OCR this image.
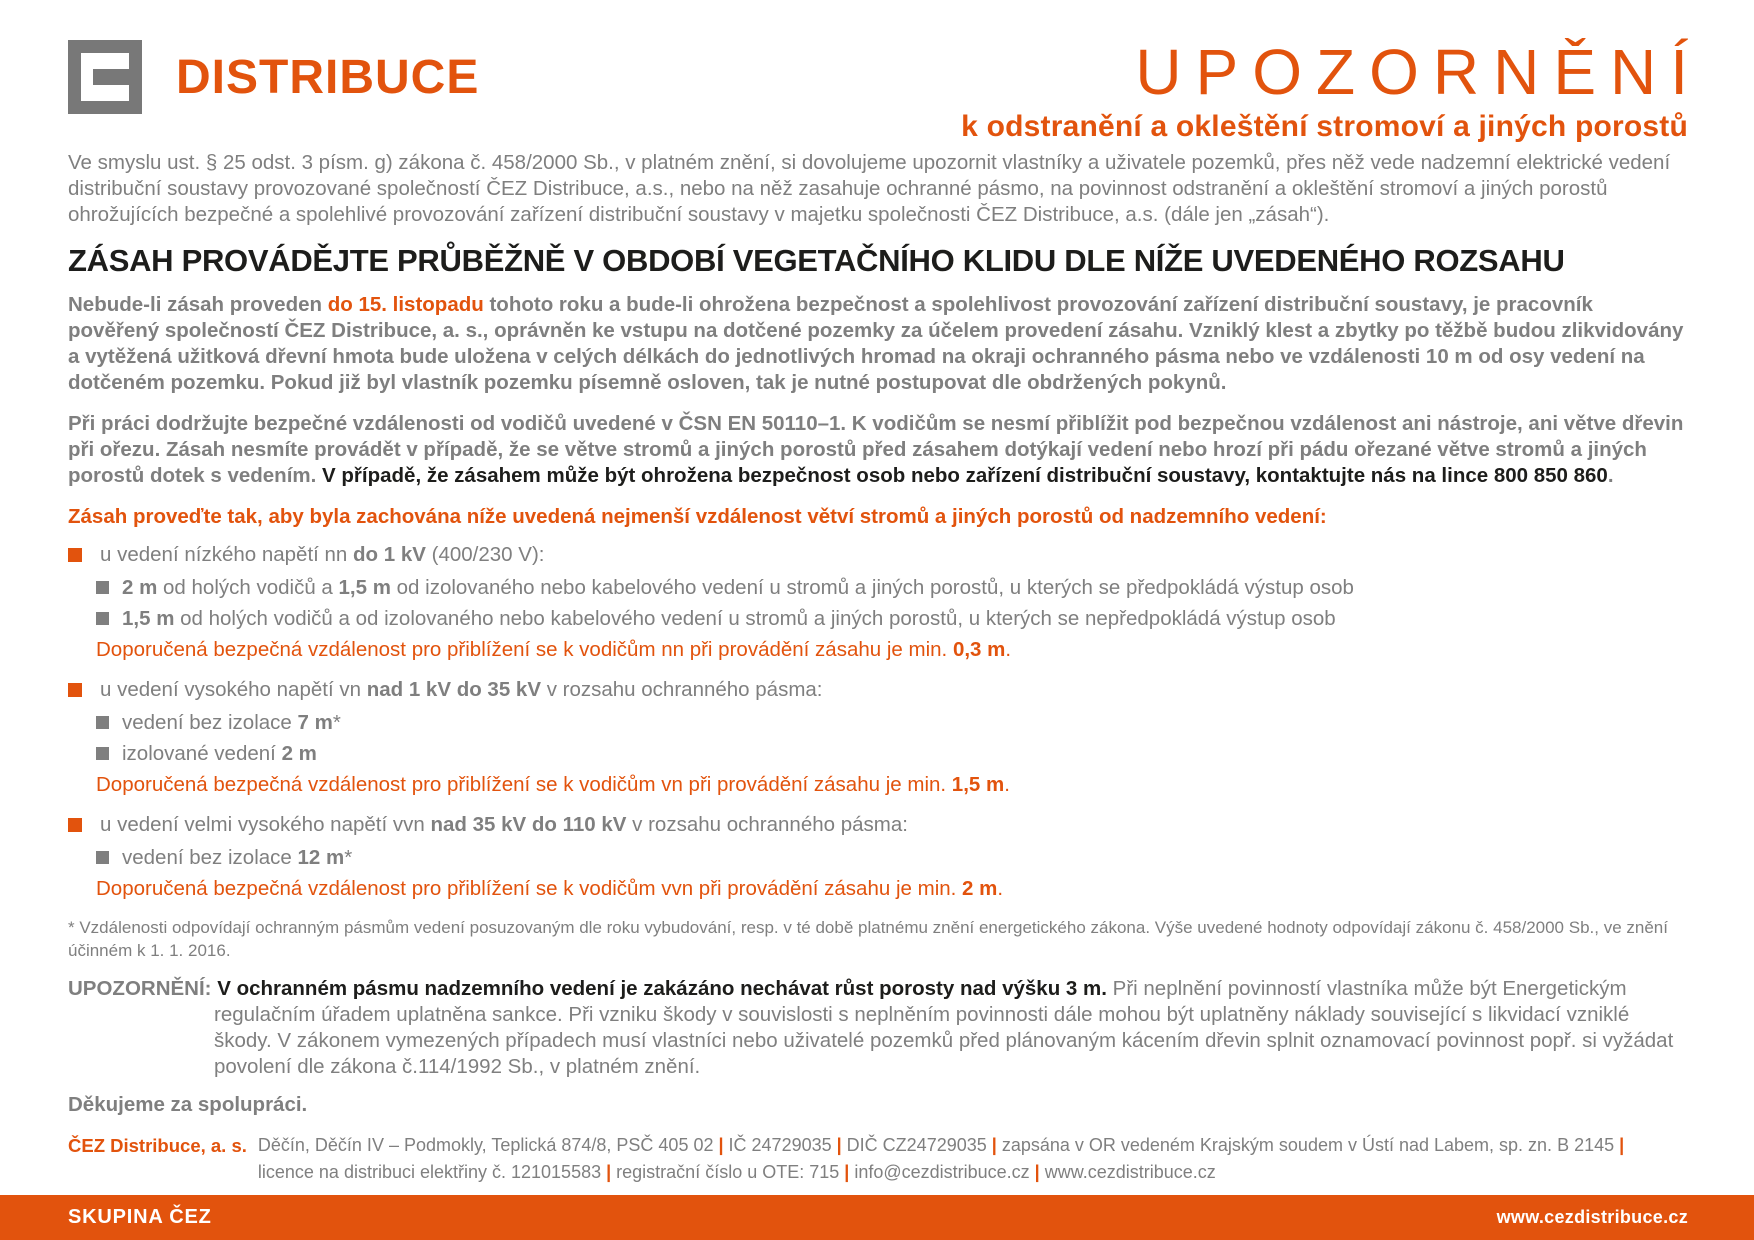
DISTRIBUCE	UPOZORNĚNÍ
k odstranění a okleštění stromoví a jiných porostů

Ve smyslu ust. § 25 odst. 3 písm. g) zákona č. 458/2000 Sb., v platném znění, si dovolujeme upozornit vlastníky a uživatele pozemků, přes něž vede nadzemní elektrické vedení distribuční soustavy provozované společností ČEZ Distribuce, a.s., nebo na něž zasahuje ochranné pásmo, na povinnost odstranění a okleštění stromoví a jiných porostů ohrožujících bezpečné a spolehlivé provozování zařízení distribuční soustavy v majetku společnosti ČEZ Distribuce, a.s. (dále jen „zásah“).

ZÁSAH PROVÁDĚJTE PRŮBĚŽNĚ V OBDOBÍ VEGETAČNÍHO KLIDU DLE NÍŽE UVEDENÉHO ROZSAHU

Nebude-li zásah proveden do 15. listopadu tohoto roku a bude-li ohrožena bezpečnost a spolehlivost provozování zařízení distribuční soustavy, je pracovník pověřený společností ČEZ Distribuce, a. s., oprávněn ke vstupu na dotčené pozemky za účelem provedení zásahu. Vzniklý klest a zbytky po těžbě budou zlikvidovány a vytěžená užitková dřevní hmota bude uložena v celých délkách do jednotlivých hromad na okraji ochranného pásma nebo ve vzdálenosti 10 m od osy vedení na dotčeném pozemku. Pokud již byl vlastník pozemku písemně osloven, tak je nutné postupovat dle obdržených pokynů.

Při práci dodržujte bezpečné vzdálenosti od vodičů uvedené v ČSN EN 50110–1. K vodičům se nesmí přiblížit pod bezpečnou vzdálenost ani nástroje, ani větve dřevin při ořezu. Zásah nesmíte provádět v případě, že se větve stromů a jiných porostů před zásahem dotýkají vedení nebo hrozí při pádu ořezané větve stromů a jiných porostů dotek s vedením. V případě, že zásahem může být ohrožena bezpečnost osob nebo zařízení distribuční soustavy, kontaktujte nás na lince 800 850 860.

Zásah proveďte tak, aby byla zachována níže uvedená nejmenší vzdálenost větví stromů a jiných porostů od nadzemního vedení:

u vedení nízkého napětí nn do 1 kV (400/230 V):
2 m od holých vodičů a 1,5 m od izolovaného nebo kabelového vedení u stromů a jiných porostů, u kterých se předpokládá výstup osob
1,5 m od holých vodičů a od izolovaného nebo kabelového vedení u stromů a jiných porostů, u kterých se nepředpokládá výstup osob
Doporučená bezpečná vzdálenost pro přiblížení se k vodičům nn při provádění zásahu je min. 0,3 m.
u vedení vysokého napětí vn nad 1 kV do 35 kV v rozsahu ochranného pásma:
vedení bez izolace 7 m*
izolované vedení 2 m
Doporučená bezpečná vzdálenost pro přiblížení se k vodičům vn při provádění zásahu je min. 1,5 m.
u vedení velmi vysokého napětí vvn nad 35 kV do 110 kV v rozsahu ochranného pásma:
vedení bez izolace 12 m*
Doporučená bezpečná vzdálenost pro přiblížení se k vodičům vvn při provádění zásahu je min. 2 m.

* Vzdálenosti odpovídají ochranným pásmům vedení posuzovaným dle roku vybudování, resp. v té době platnému znění energetického zákona. Výše uvedené hodnoty odpovídají zákonu č. 458/2000 Sb., ve znění účinném k 1. 1. 2016.

UPOZORNĚNÍ: V ochranném pásmu nadzemního vedení je zakázáno nechávat růst porosty nad výšku 3 m. Při neplnění povinností vlastníka může být Energetickým regulačním úřadem uplatněna sankce. Při vzniku škody v souvislosti s neplněním povinnosti dále mohou být uplatněny náklady související s likvidací vzniklé škody. V zákonem vymezených případech musí vlastníci nebo uživatelé pozemků před plánovaným kácením dřevin splnit oznamovací povinnost popř. si vyžádat povolení dle zákona č.114/1992 Sb., v platném znění.

Děkujeme za spolupráci.

ČEZ Distribuce, a. s. Děčín, Děčín IV – Podmokly, Teplická 874/8, PSČ 405 02 | IČ 24729035 | DIČ CZ24729035 | zapsána v OR vedeném Krajským soudem v Ústí nad Labem, sp. zn. B 2145 |
licence na distribuci elektřiny č. 121015583 | registrační číslo u OTE: 715 | info@cezdistribuce.cz | www.cezdistribuce.cz
SKUPINA ČEZ	www.cezdistribuce.cz
